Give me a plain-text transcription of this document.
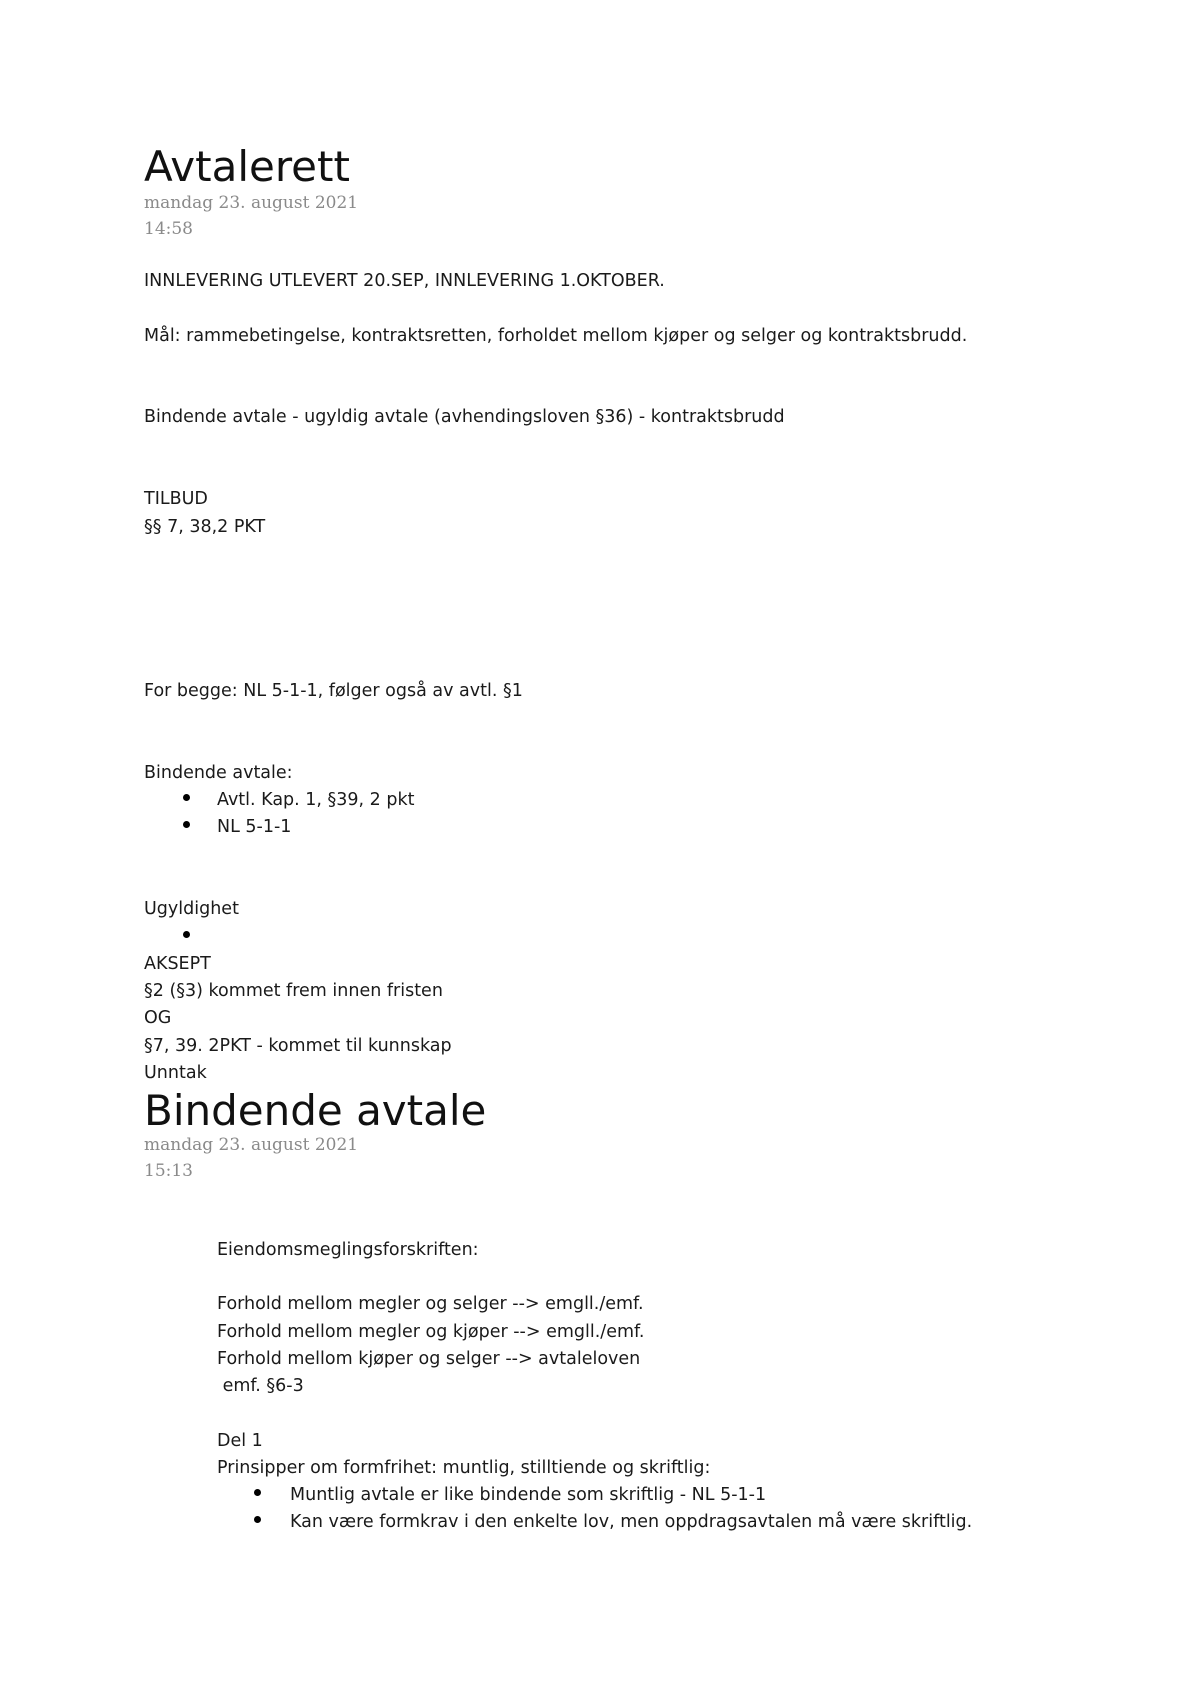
Avtalerett
mandag 23. august 2021
14:58
INNLEVERING UTLEVERT 20.SEP, INNLEVERING 1.OKTOBER.
Mål: rammebetingelse, kontraktsretten, forholdet mellom kjøper og selger og kontraktsbrudd.
Bindende avtale - ugyldig avtale (avhendingsloven §36) - kontraktsbrudd
TILBUD
§§ 7, 38,2 PKT
For begge: NL 5-1-1, følger også av avtl. §1
Bindende avtale:
Avtl. Kap. 1, §39, 2 pkt
NL 5-1-1
Ugyldighet
AKSEPT
§2 (§3) kommet frem innen fristen
OG
§7, 39. 2PKT - kommet til kunnskap
Unntak
Bindende avtale
mandag 23. august 2021
15:13
Eiendomsmeglingsforskriften:
Forhold mellom megler og selger --> emgll./emf.
Forhold mellom megler og kjøper --> emgll./emf.
Forhold mellom kjøper og selger --> avtaleloven
emf. §6-3
Del 1
Prinsipper om formfrihet: muntlig, stilltiende og skriftlig:
Muntlig avtale er like bindende som skriftlig - NL 5-1-1
Kan være formkrav i den enkelte lov, men oppdragsavtalen må være skriftlig.
